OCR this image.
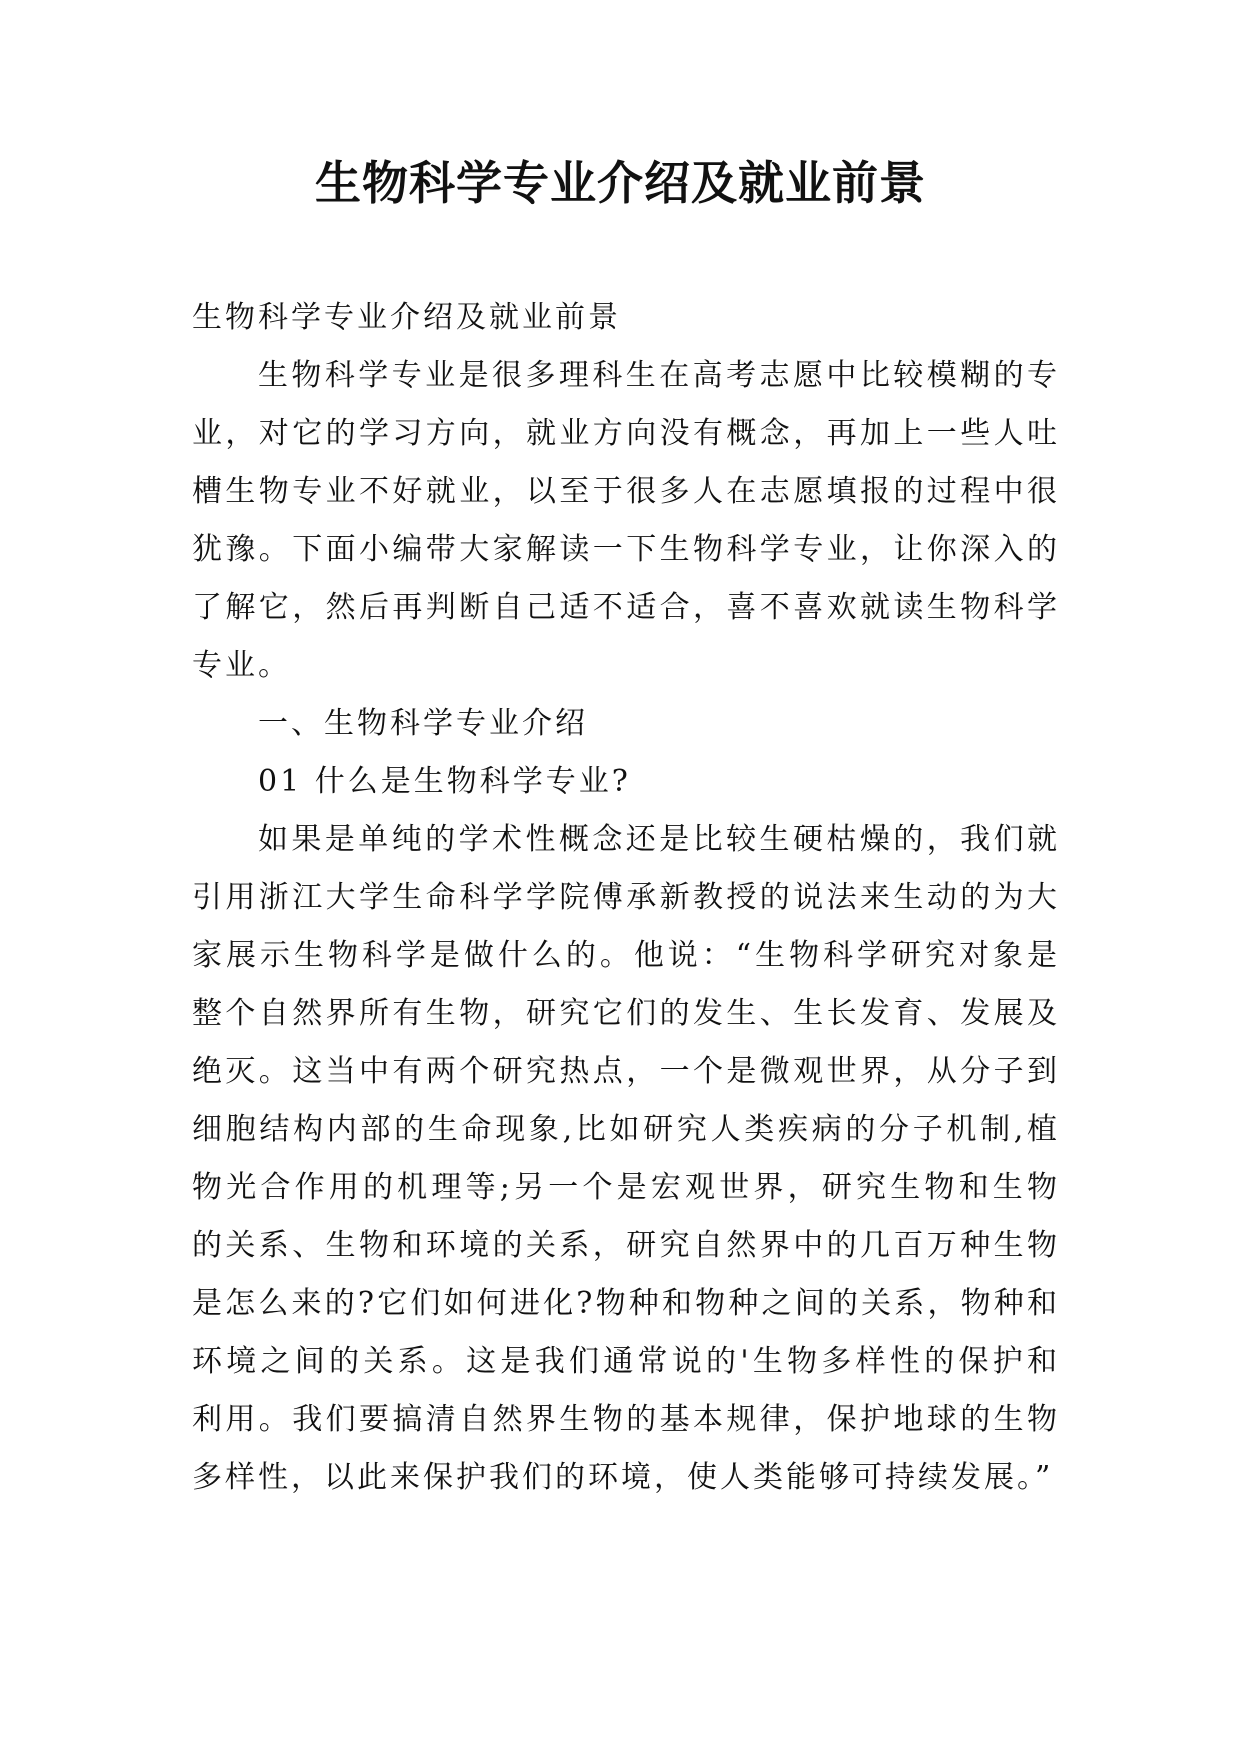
生物科学专业介绍及就业前景

生物科学专业介绍及就业前景

生物科学专业是很多理科生在高考志愿中比较模糊的专业，对它的学习方向，就业方向没有概念，再加上一些人吐槽生物专业不好就业，以至于很多人在志愿填报的过程中很犹豫。下面小编带大家解读一下生物科学专业，让你深入的了解它，然后再判断自己适不适合，喜不喜欢就读生物科学专业。

一、生物科学专业介绍

01 什么是生物科学专业?

如果是单纯的学术性概念还是比较生硬枯燥的，我们就引用浙江大学生命科学学院傅承新教授的说法来生动的为大家展示生物科学是做什么的。他说：“生物科学研究对象是整个自然界所有生物，研究它们的发生、生长发育、发展及绝灭。这当中有两个研究热点，一个是微观世界，从分子到细胞结构内部的生命现象,比如研究人类疾病的分子机制,植物光合作用的机理等;另一个是宏观世界，研究生物和生物的关系、生物和环境的关系，研究自然界中的几百万种生物是怎么来的?它们如何进化?物种和物种之间的关系，物种和环境之间的关系。这是我们通常说的'生物多样性的保护和利用。我们要搞清自然界生物的基本规律，保护地球的生物多样性，以此来保护我们的环境，使人类能够可持续发展。”
